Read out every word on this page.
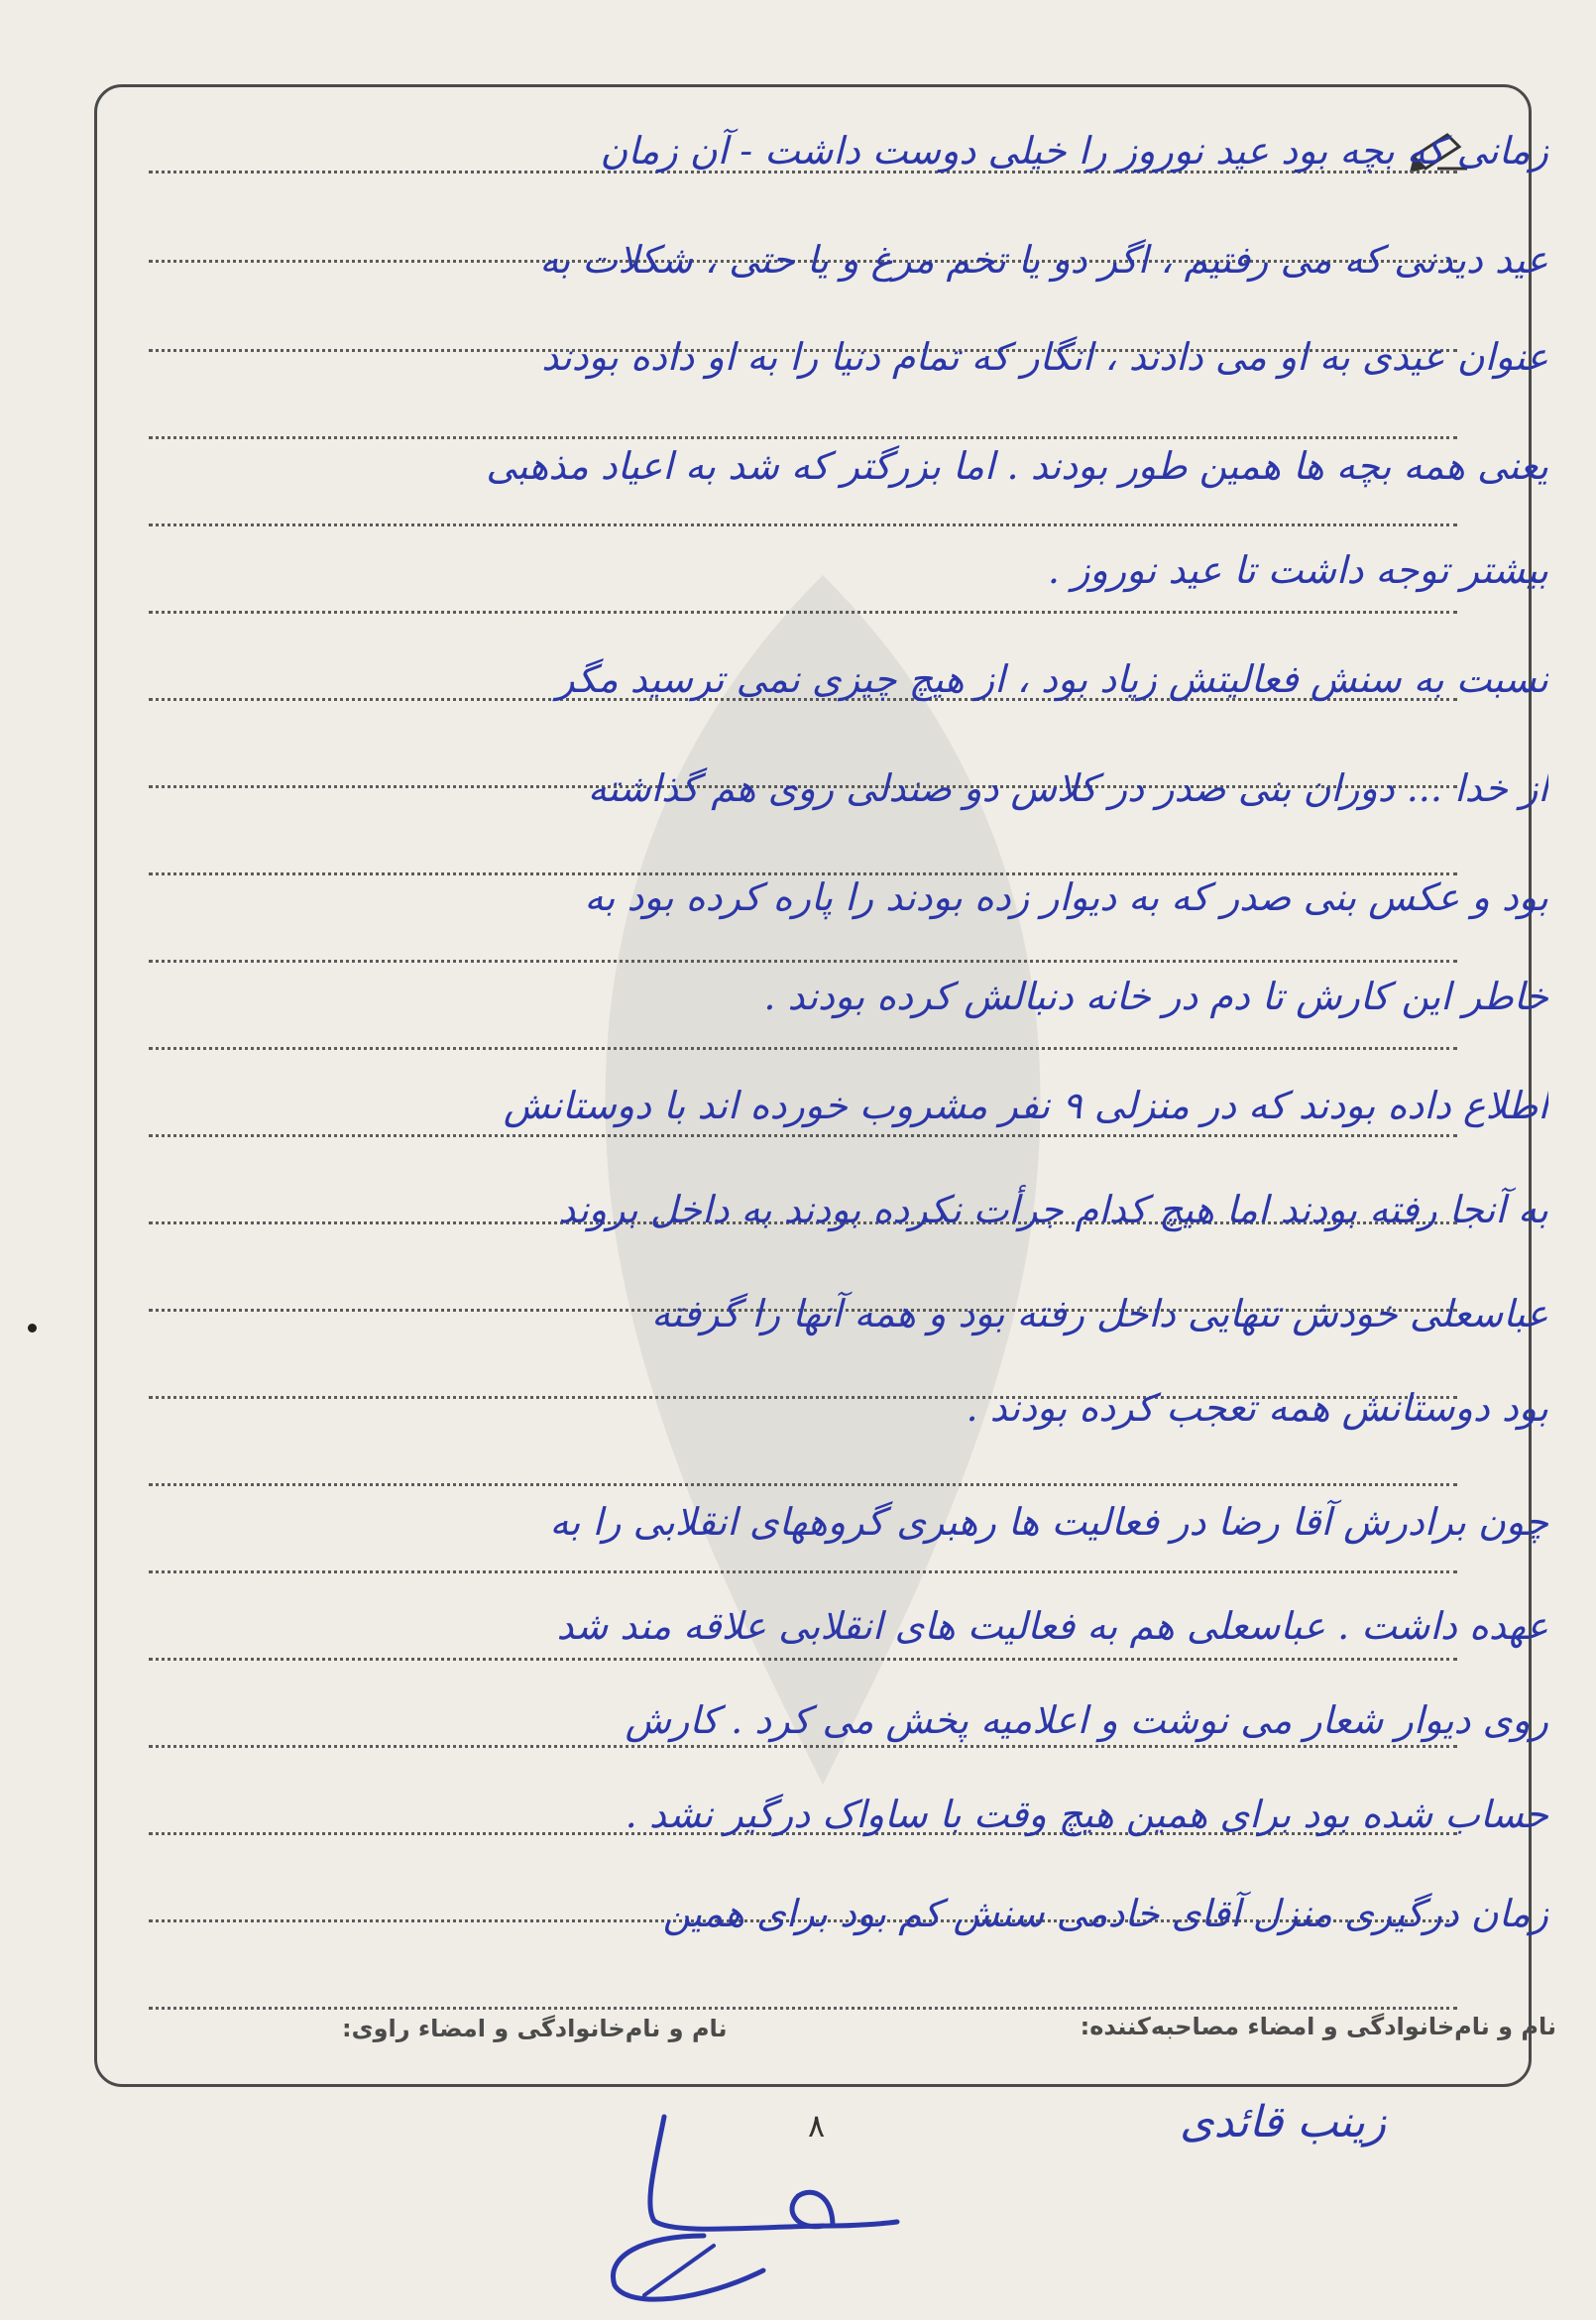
زمانی که بچه بود عید نوروز را خیلی دوست داشت - آن زمان
عید دیدنی که می رفتیم ، اگر دو یا تخم مرغ و یا حتی ، شکلات به
عنوان عیدی به او می دادند ، انگار که تمام دنیا را به او داده بودند
یعنی همه بچه ها همین طور بودند . اما بزرگتر که شد به اعیاد مذهبی
بیشتر توجه داشت تا عید نوروز .
نسبت به سنش فعالیتش زیاد بود ، از هیچ چیزی نمی ترسید مگر
از خدا ... دوران بنی صدر در کلاس دو صندلی روی هم گذاشته
بود و عکس بنی صدر که به دیوار زده بودند را پاره کرده بود به
خاطر این کارش تا دم در خانه دنبالش کرده بودند .
اطلاع داده بودند که در منزلی ۹ نفر مشروب خورده اند با دوستانش
به آنجا رفته بودند اما هیچ کدام جرأت نکرده بودند به داخل بروند
عباسعلی خودش تنهایی داخل رفته بود و همه آنها را گرفته
بود دوستانش همه تعجب کرده بودند .
چون برادرش آقا رضا در فعالیت ها رهبری گروههای انقلابی را به
عهده داشت . عباسعلی هم به فعالیت های انقلابی علاقه مند شد
روی دیوار شعار می نوشت و اعلامیه پخش می کرد . کارش
حساب شده بود برای همین هیچ وقت با ساواک درگیر نشد .
زمان درگیری منزل آقای خادمی سنش کم بود برای همین
نام و نام‌خانوادگی و امضاء مصاحبه‌کننده:
نام و نام‌خانوادگی و امضاء راوی:
زینب قائدی
۸
